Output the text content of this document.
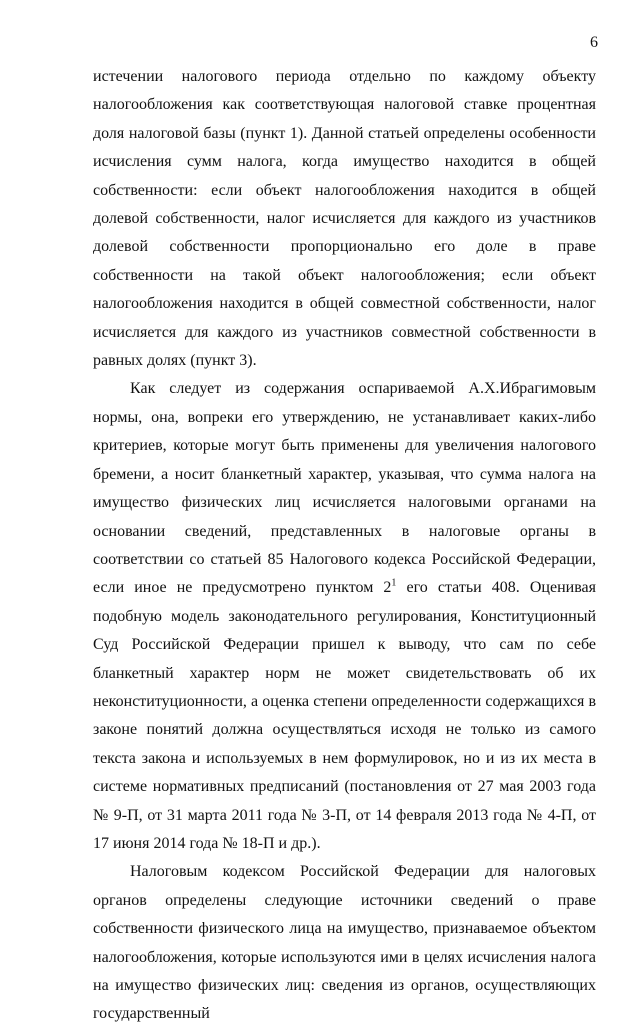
6

истечении налогового периода отдельно по каждому объекту налогообложения как соответствующая налоговой ставке процентная доля налоговой базы (пункт 1). Данной статьей определены особенности исчисления сумм налога, когда имущество находится в общей собственности: если объект налогообложения находится в общей долевой собственности, налог исчисляется для каждого из участников долевой собственности пропорционально его доле в праве собственности на такой объект налогообложения; если объект налогообложения находится в общей совместной собственности, налог исчисляется для каждого из участников совместной собственности в равных долях (пункт 3).

Как следует из содержания оспариваемой А.Х.Ибрагимовым нормы, она, вопреки его утверждению, не устанавливает каких-либо критериев, которые могут быть применены для увеличения налогового бремени, а носит бланкетный характер, указывая, что сумма налога на имущество физических лиц исчисляется налоговыми органами на основании сведений, представленных в налоговые органы в соответствии со статьей 85 Налогового кодекса Российской Федерации, если иное не предусмотрено пунктом $2^1$ его статьи 408. Оценивая подобную модель законодательного регулирования, Конституционный Суд Российской Федерации пришел к выводу, что сам по себе бланкетный характер норм не может свидетельствовать об их неконституционности, а оценка степени определенности содержащихся в законе понятий должна осуществляться исходя не только из самого текста закона и используемых в нем формулировок, но и из их места в системе нормативных предписаний (постановления от 27 мая 2003 года № 9-П, от 31 марта 2011 года № 3-П, от 14 февраля 2013 года № 4-П, от 17 июня 2014 года № 18-П и др.).

Налоговым кодексом Российской Федерации для налоговых органов определены следующие источники сведений о праве собственности физического лица на имущество, признаваемое объектом налогообложения, которые используются ими в целях исчисления налога на имущество физических лиц: сведения из органов, осуществляющих государственный
